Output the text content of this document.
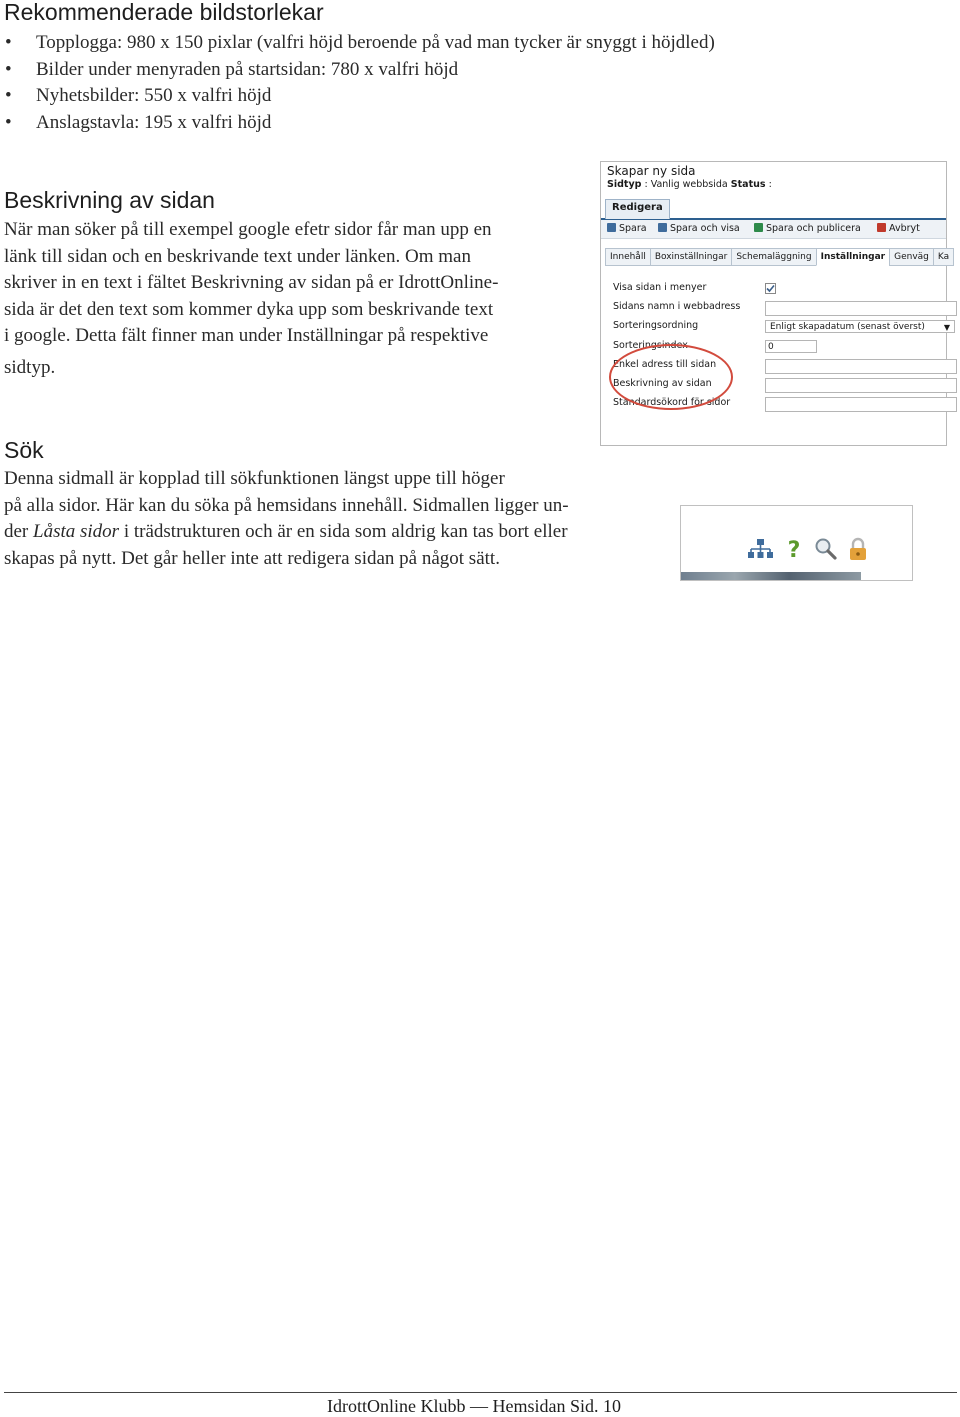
Rekommenderade bildstorlekar
• Topplogga: 980 x 150 pixlar (valfri höjd beroende på vad man tycker är snyggt i höjdled)
• Bilder under menyraden på startsidan: 780 x valfri höjd
• Nyhetsbilder: 550 x valfri höjd
• Anslagstavla: 195 x valfri höjd
Beskrivning av sidan

När man söker på till exempel google efetr sidor får man upp en
länk till sidan och en beskrivande text under länken. Om man
skriver in en text i fältet Beskrivning av sidan på er IdrottOnline-
sida är det den text som kommer dyka upp som beskrivande text
i google. Detta fält finner man under Inställningar på respektive
sidtyp.

Skapar ny sida
Sidtyp : Vanlig webbsida Status :
Redigera
Spara	Spara och visa	Spara och publicera	Avbryt
Innehåll Boxinställningar Schemaläggning Inställningar Genväg Ka
Visa sidan i menyer
Sidans namn i webbadress
Sorteringsordning	Enligt skapadatum (senast överst) ▼
Sorteringsindex	0
Enkel adress till sidan
Beskrivning av sidan
Standardsökord för sidor
Sök

Denna sidmall är kopplad till sökfunktionen längst uppe till höger
på alla sidor. Här kan du söka på hemsidans innehåll. Sidmallen ligger un-
der Låsta sidor i trädstrukturen och är en sida som aldrig kan tas bort eller
skapas på nytt. Det går heller inte att redigera sidan på något sätt.	?
IdrottOnline Klubb — Hemsidan Sid. 10
